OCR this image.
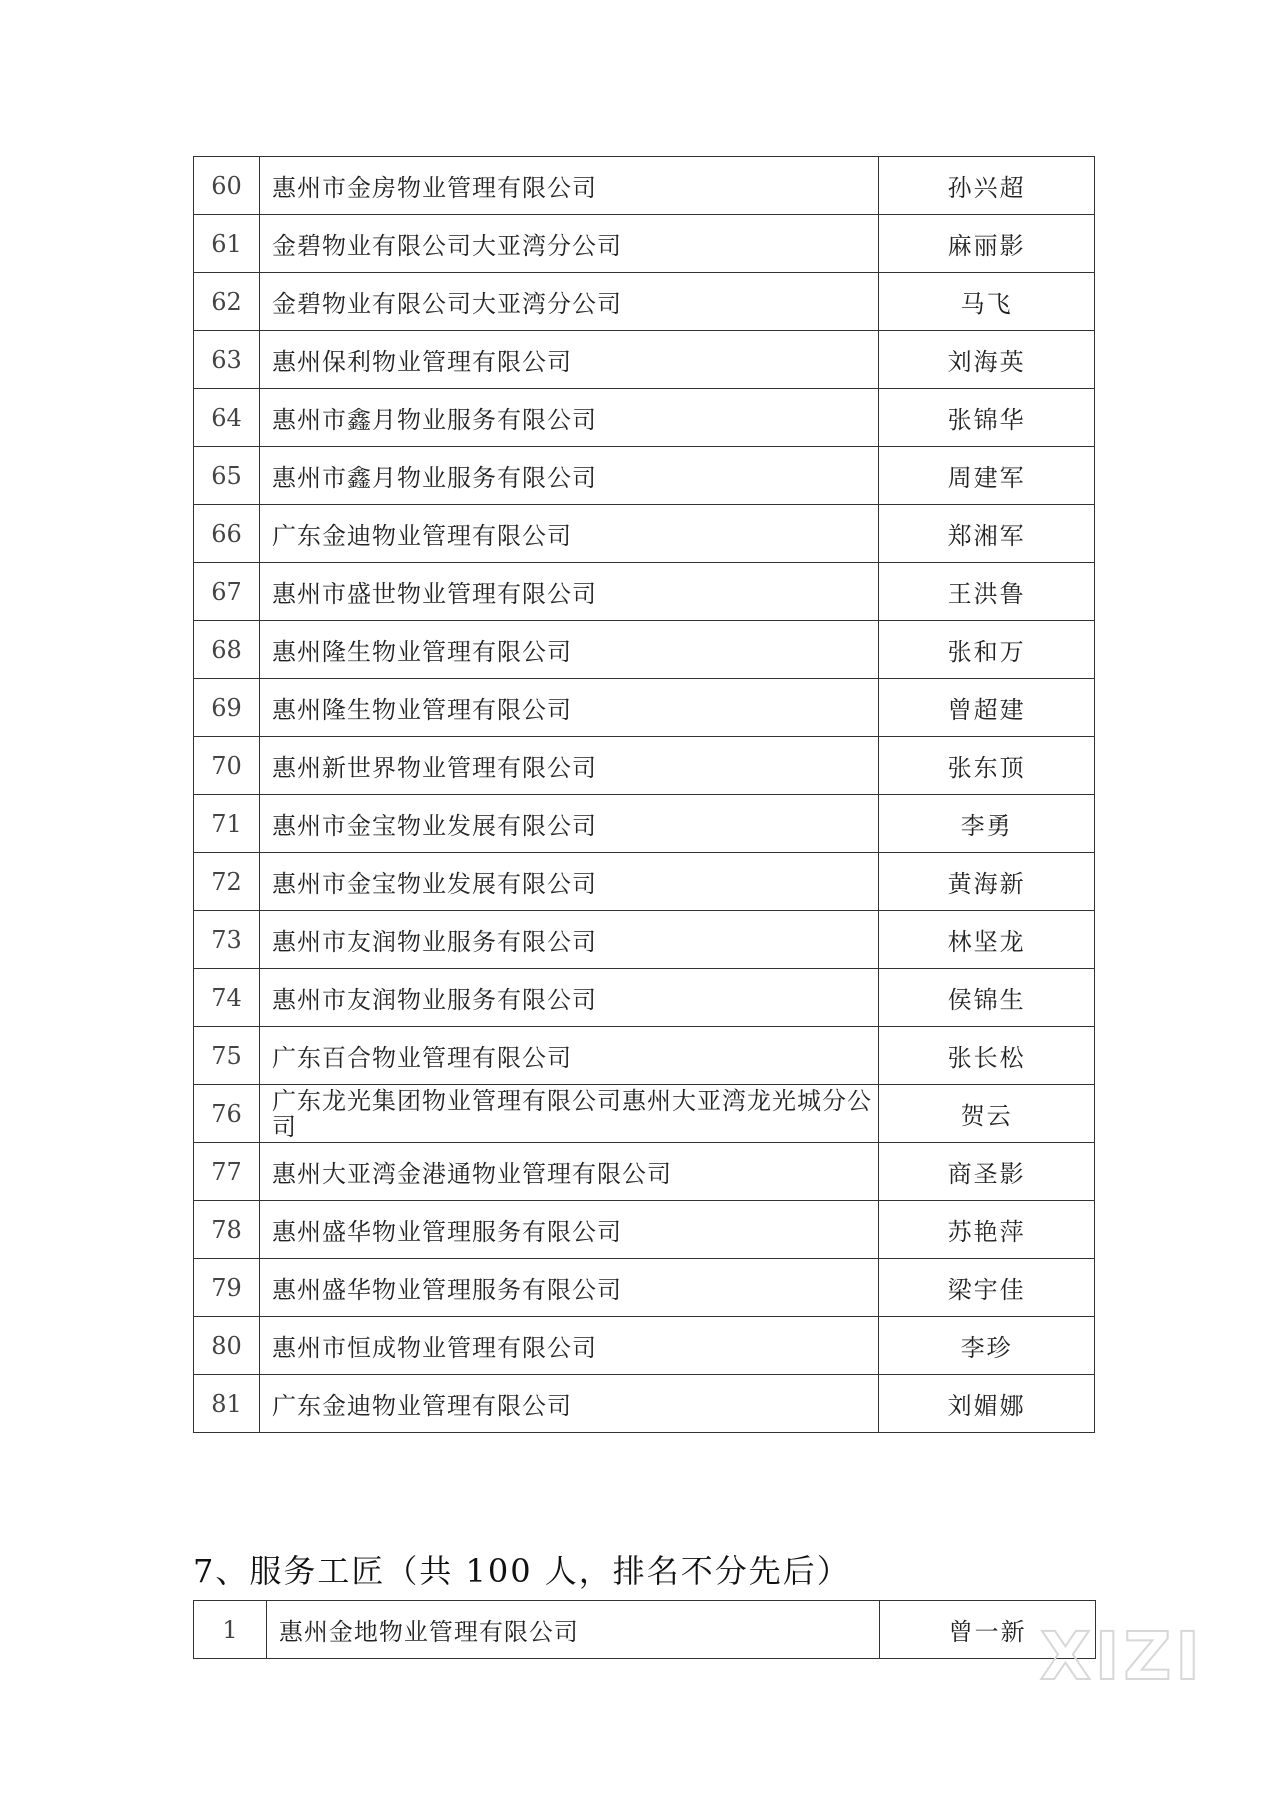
60	惠州市金房物业管理有限公司	孙兴超
61	金碧物业有限公司大亚湾分公司	麻丽影
62	金碧物业有限公司大亚湾分公司	马飞
63	惠州保利物业管理有限公司	刘海英
64	惠州市鑫月物业服务有限公司	张锦华
65	惠州市鑫月物业服务有限公司	周建军
66	广东金迪物业管理有限公司	郑湘军
67	惠州市盛世物业管理有限公司	王洪鲁
68	惠州隆生物业管理有限公司	张和万
69	惠州隆生物业管理有限公司	曾超建
70	惠州新世界物业管理有限公司	张东顶
71	惠州市金宝物业发展有限公司	李勇
72	惠州市金宝物业发展有限公司	黄海新
73	惠州市友润物业服务有限公司	林坚龙
74	惠州市友润物业服务有限公司	侯锦生
75	广东百合物业管理有限公司	张长松
76	广东龙光集团物业管理有限公司惠州大亚湾龙光城分公司	贺云
77	惠州大亚湾金港通物业管理有限公司	商圣影
78	惠州盛华物业管理服务有限公司	苏艳萍
79	惠州盛华物业管理服务有限公司	梁宇佳
80	惠州市恒成物业管理有限公司	李珍
81	广东金迪物业管理有限公司	刘媚娜
7、服务工匠（共 100 人，排名不分先后）
1	惠州金地物业管理有限公司	曾一新 XIZI
